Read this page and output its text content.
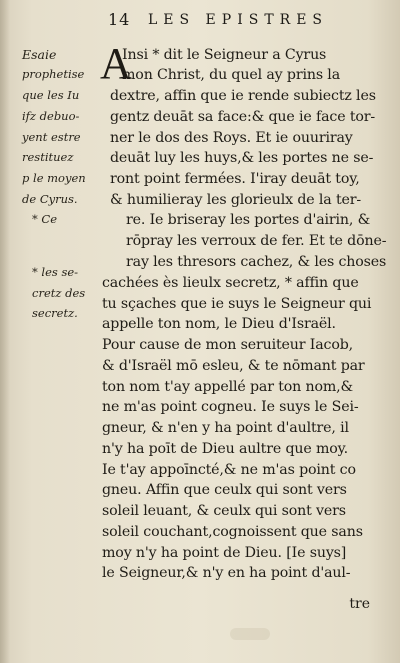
14 LES EPISTRES
Esaie
prophetise
que les Iu
ifz debuo-
yent estre
restituez
p le moyen
de Cyrus.
* Ce
* les se-
cretz des
secretz.
A
Insi * dit le Seigneur a Cyrus
mon Christ, du quel ay prins la
dextre, affin que ie rende subiectz les
gentz deuāt sa face:& que ie face tor-
ner le dos des Roys. Et ie ouuriray
deuāt luy les huys,& les portes ne se-
ront point fermées. I'iray deuāt toy,
& humilieray les glorieulx de la ter-
re. Ie briseray les portes d'airin, &
rōpray les verroux de fer. Et te dōne-
ray les thresors cachez, & les choses
cachées ès lieulx secretz, * affin que
tu sçaches que ie suys le Seigneur qui
appelle ton nom, le Dieu d'Israël.
Pour cause de mon seruiteur Iacob,
& d'Israël mō esleu, & te nōmant par
ton nom t'ay appellé par ton nom,&
ne m'as point cogneu. Ie suys le Sei-
gneur, & n'en y ha point d'aultre, il
n'y ha poīt de Dieu aultre que moy.
Ie t'ay appoīncté,& ne m'as point co
gneu. Affin que ceulx qui sont vers
soleil leuant, & ceulx qui sont vers
soleil couchant,cognoissent que sans
moy n'y ha point de Dieu. [Ie suys]
le Seigneur,& n'y en ha point d'aul-
tre
